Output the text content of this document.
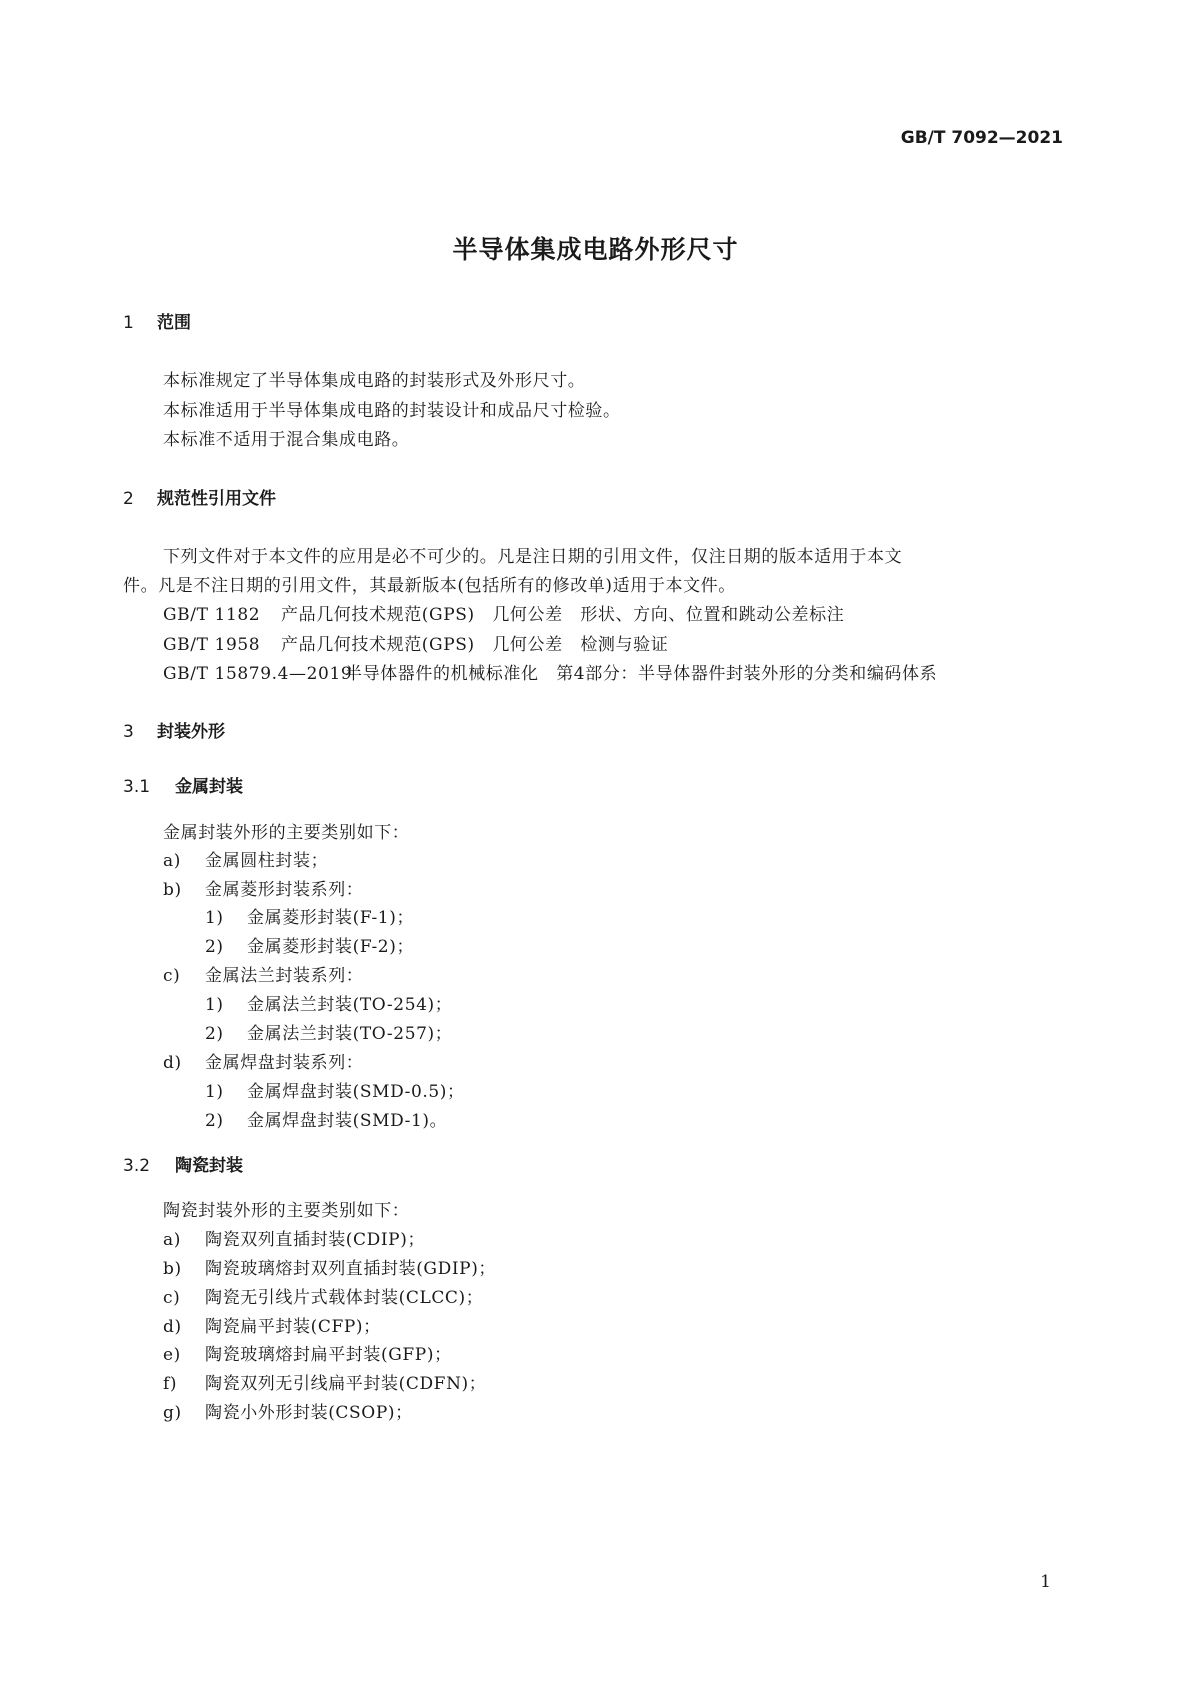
GB/T 7092—2021
半导体集成电路外形尺寸
1 范围
本标准规定了半导体集成电路的封装形式及外形尺寸。
本标准适用于半导体集成电路的封装设计和成品尺寸检验。
本标准不适用于混合集成电路。
2 规范性引用文件
下列文件对于本文件的应用是必不可少的。凡是注日期的引用文件，仅注日期的版本适用于本文
件。凡是不注日期的引用文件，其最新版本(包括所有的修改单)适用于本文件。
GB/T 1182 产品几何技术规范(GPS)　几何公差　形状、方向、位置和跳动公差标注
GB/T 1958 产品几何技术规范(GPS)　几何公差　检测与验证
GB/T 15879.4—2019半导体器件的机械标准化　第4部分：半导体器件封装外形的分类和编码体系
3 封装外形
3.1 金属封装
金属封装外形的主要类别如下：
a) 金属圆柱封装；
b) 金属菱形封装系列：
1) 金属菱形封装(F-1)；
2) 金属菱形封装(F-2)；
c) 金属法兰封装系列：
1) 金属法兰封装(TO-254)；
2) 金属法兰封装(TO-257)；
d) 金属焊盘封装系列：
1) 金属焊盘封装(SMD-0.5)；
2) 金属焊盘封装(SMD-1)。
3.2 陶瓷封装
陶瓷封装外形的主要类别如下：
a) 陶瓷双列直插封装(CDIP)；
b) 陶瓷玻璃熔封双列直插封装(GDIP)；
c) 陶瓷无引线片式载体封装(CLCC)；
d) 陶瓷扁平封装(CFP)；
e) 陶瓷玻璃熔封扁平封装(GFP)；
f) 陶瓷双列无引线扁平封装(CDFN)；
g) 陶瓷小外形封装(CSOP)；
1
